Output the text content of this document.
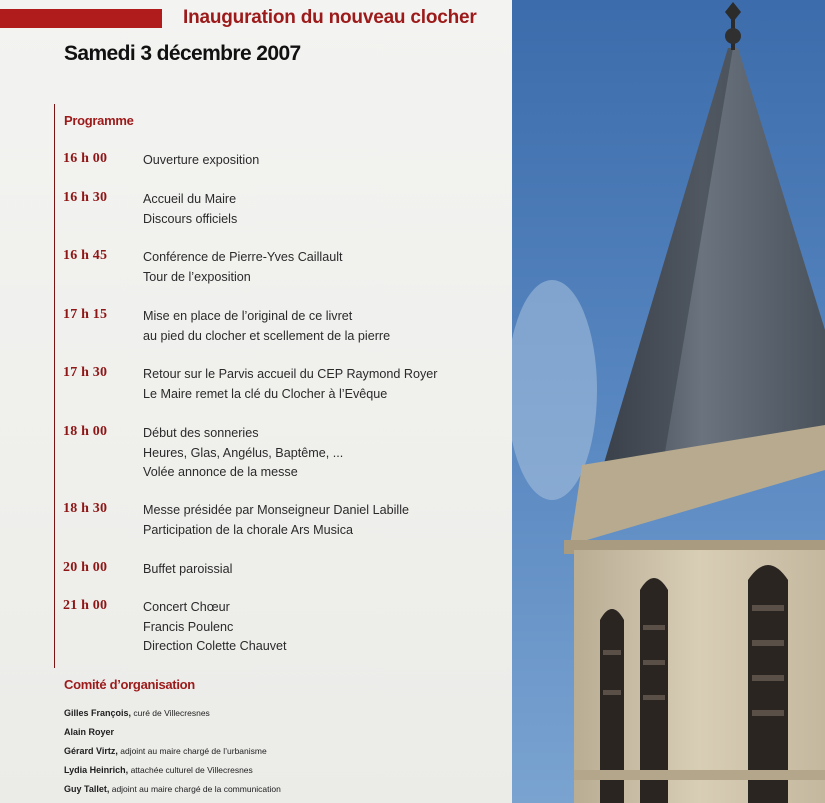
Inauguration du nouveau clocher
Samedi 3 décembre 2007
Programme
16 h 00	Ouverture exposition
16 h 30	Accueil du Maire
Discours officiels
16 h 45	Conférence de Pierre-Yves Caillault
Tour de l’exposition
17 h 15	Mise en place de l’original de ce livret
au pied du clocher et scellement de la pierre
17 h 30	Retour sur le Parvis accueil du CEP Raymond Royer
Le Maire remet la clé du Clocher à l’Evêque
18 h 00	Début des sonneries
Heures, Glas, Angélus, Baptême, ...
Volée annonce de la messe
18 h 30	Messe présidée par Monseigneur Daniel Labille
Participation de la chorale Ars Musica
20 h 00	Buffet paroissial
21 h 00	Concert Chœur
Francis Poulenc
Direction Colette Chauvet
Comité d’organisation
Gilles François, curé de Villecresnes
Alain Royer
Gérard Virtz, adjoint au maire chargé de l’urbanisme
Lydia Heinrich, attachée culturel de Villecresnes
Guy Tallet, adjoint au maire chargé de la communication
